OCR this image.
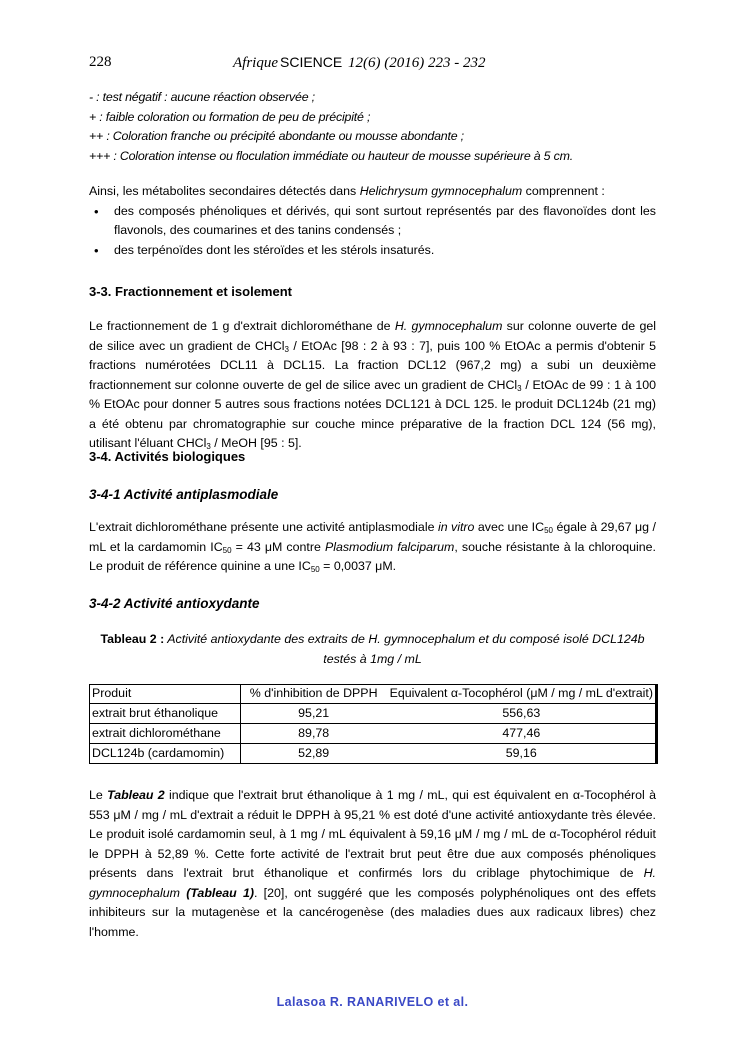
228	Afrique SCIENCE 12(6) (2016) 223 - 232
- : test négatif : aucune réaction observée ;
+ : faible coloration ou formation de peu de précipité ;
++ : Coloration franche ou précipité abondante ou mousse abondante ;
+++ : Coloration intense ou floculation immédiate ou hauteur de mousse supérieure à 5 cm.

Ainsi, les métabolites secondaires détectés dans Helichrysum gymnocephalum comprennent :

• des composés phénoliques et dérivés, qui sont surtout représentés par des flavonoïdes dont les flavonols, des coumarines et des tanins condensés ;
• des terpénoïdes dont les stéroïdes et les stérols insaturés.
3-3. Fractionnement et isolement

Le fractionnement de 1 g d'extrait dichlorométhane de H. gymnocephalum sur colonne ouverte de gel de silice avec un gradient de CHCl$_3$ / EtOAc [98 : 2 à 93 : 7], puis 100 % EtOAc a permis d'obtenir 5 fractions numérotées DCL11 à DCL15. La fraction DCL12 (967,2 mg) a subi un deuxième fractionnement sur colonne ouverte de gel de silice avec un gradient de CHCl$_3$ / EtOAc de 99 : 1 à 100 % EtOAc pour donner 5 autres sous fractions notées DCL121 à DCL 125. le produit DCL124b (21 mg) a été obtenu par chromatographie sur couche mince préparative de la fraction DCL 124 (56 mg), utilisant l'éluant CHCl$_3$ / MeOH [95 : 5].

3-4. Activités biologiques
3-4-1 Activité antiplasmodiale

L'extrait dichlorométhane présente une activité antiplasmodiale in vitro avec une $IC_{50}$ égale à 29,67 μg / mL et la cardamomin $IC_{50} = 43$ μM contre Plasmodium falciparum, souche résistante à la chloroquine. Le produit de référence quinine a une $IC_{50} = 0,0037$ μM.

3-4-2 Activité antioxydante
Tableau 2 : Activité antioxydante des extraits de H. gymnocephalum et du composé isolé DCL124b testés à 1mg / mL
Produit	% d'inhibition de DPPH	Equivalent α-Tocophérol (μM / mg / mL d'extrait)
extrait brut éthanolique	95,21	556,63
extrait dichlorométhane	89,78	477,46
DCL124b (cardamomin)	52,89	59,16

Le Tableau 2 indique que l'extrait brut éthanolique à 1 mg / mL, qui est équivalent en α-Tocophérol à 553 μM / mg / mL d'extrait a réduit le DPPH à 95,21 % est doté d'une activité antioxydante très élevée. Le produit isolé cardamomin seul, à 1 mg / mL équivalent à 59,16 μM / mg / mL de α-Tocophérol réduit le DPPH à 52,89 %. Cette forte activité de l'extrait brut peut être due aux composés phénoliques présents dans l'extrait brut éthanolique et confirmés lors du criblage phytochimique de H. gymnocephalum (Tableau 1). [20], ont suggéré que les composés polyphénoliques ont des effets inhibiteurs sur la mutagenèse et la cancérogenèse (des maladies dues aux radicaux libres) chez l'homme.

Lalasoa R. RANARIVELO et al.
